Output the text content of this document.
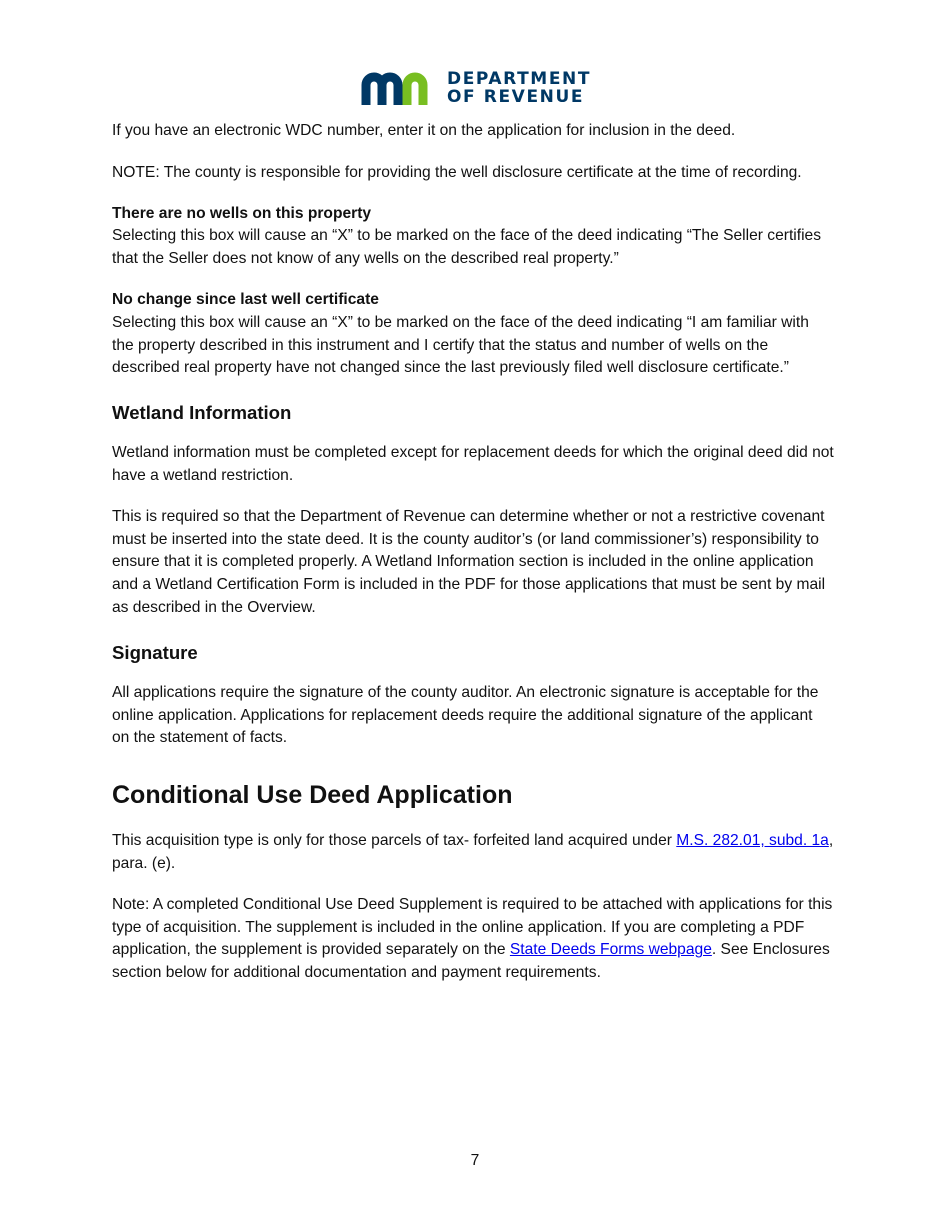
DEPARTMENT
OF REVENUE

If you have an electronic WDC number, enter it on the application for inclusion in the deed.

NOTE: The county is responsible for providing the well disclosure certificate at the time of recording.

There are no wells on this property
Selecting this box will cause an “X” to be marked on the face of the deed indicating “The Seller certifies that the Seller does not know of any wells on the described real property.”

No change since last well certificate
Selecting this box will cause an “X” to be marked on the face of the deed indicating “I am familiar with the property described in this instrument and I certify that the status and number of wells on the described real property have not changed since the last previously filed well disclosure certificate.”

Wetland Information

Wetland information must be completed except for replacement deeds for which the original deed did not have a wetland restriction.

This is required so that the Department of Revenue can determine whether or not a restrictive covenant must be inserted into the state deed. It is the county auditor’s (or land commissioner’s) responsibility to ensure that it is completed properly. A Wetland Information section is included in the online application and a Wetland Certification Form is included in the PDF for those applications that must be sent by mail as described in the Overview.

Signature

All applications require the signature of the county auditor. An electronic signature is acceptable for the online application. Applications for replacement deeds require the additional signature of the applicant on the statement of facts.

Conditional Use Deed Application

This acquisition type is only for those parcels of tax- forfeited land acquired under M.S. 282.01, subd. 1a, para. (e).

Note: A completed Conditional Use Deed Supplement is required to be attached with applications for this type of acquisition. The supplement is included in the online application. If you are completing a PDF application, the supplement is provided separately on the State Deeds Forms webpage. See Enclosures section below for additional documentation and payment requirements.

7
